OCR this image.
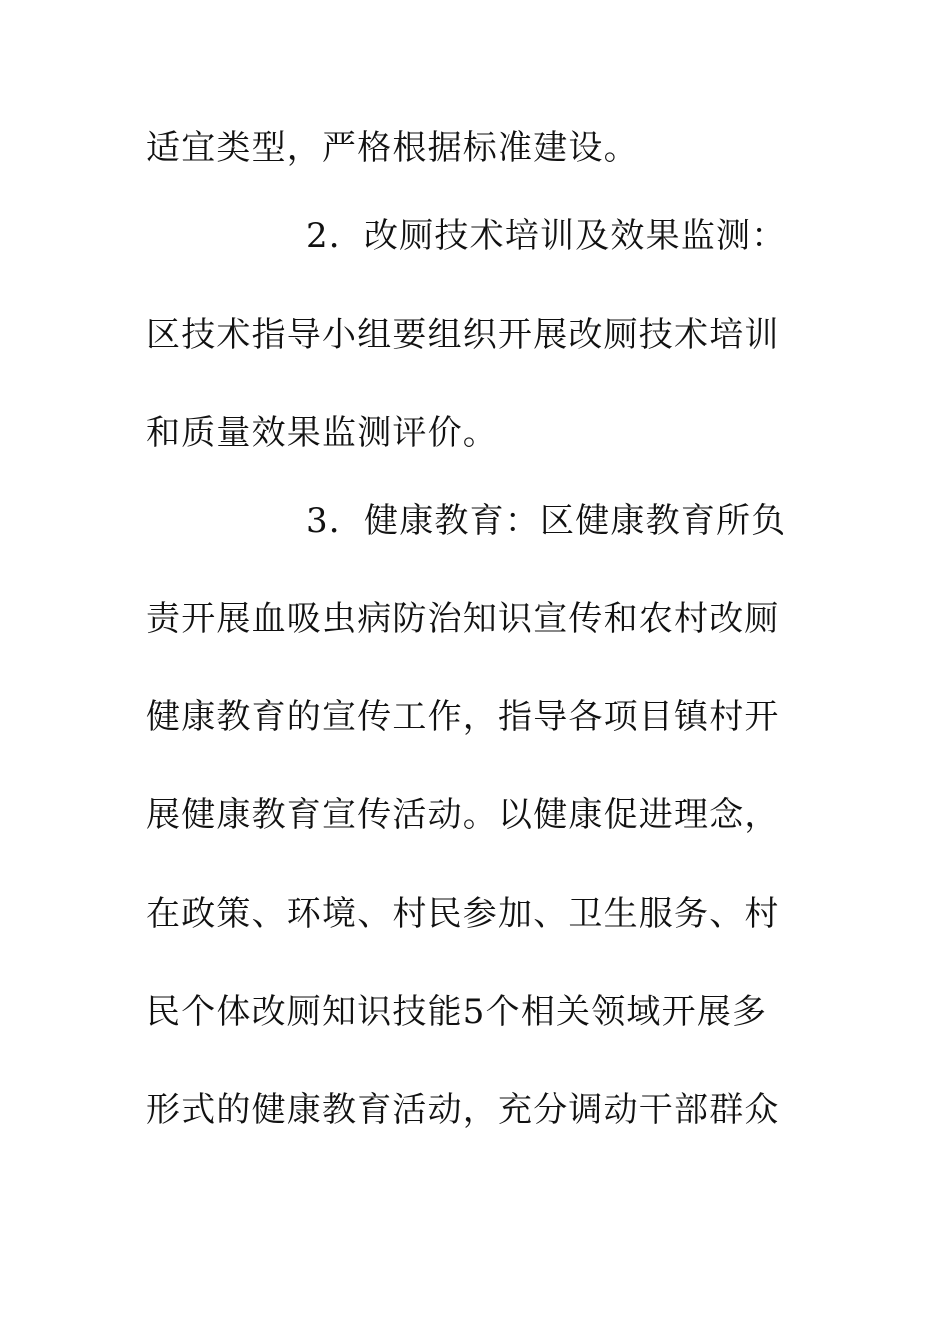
适宜类型，严格根据标准建设。
2．改厕技术培训及效果监测：
区技术指导小组要组织开展改厕技术培训
和质量效果监测评价。
3．健康教育：区健康教育所负
责开展血吸虫病防治知识宣传和农村改厕
健康教育的宣传工作，指导各项目镇村开
展健康教育宣传活动。以健康促进理念，
在政策、环境、村民参加、卫生服务、村
民个体改厕知识技能5个相关领域开展多
形式的健康教育活动，充分调动干部群众
